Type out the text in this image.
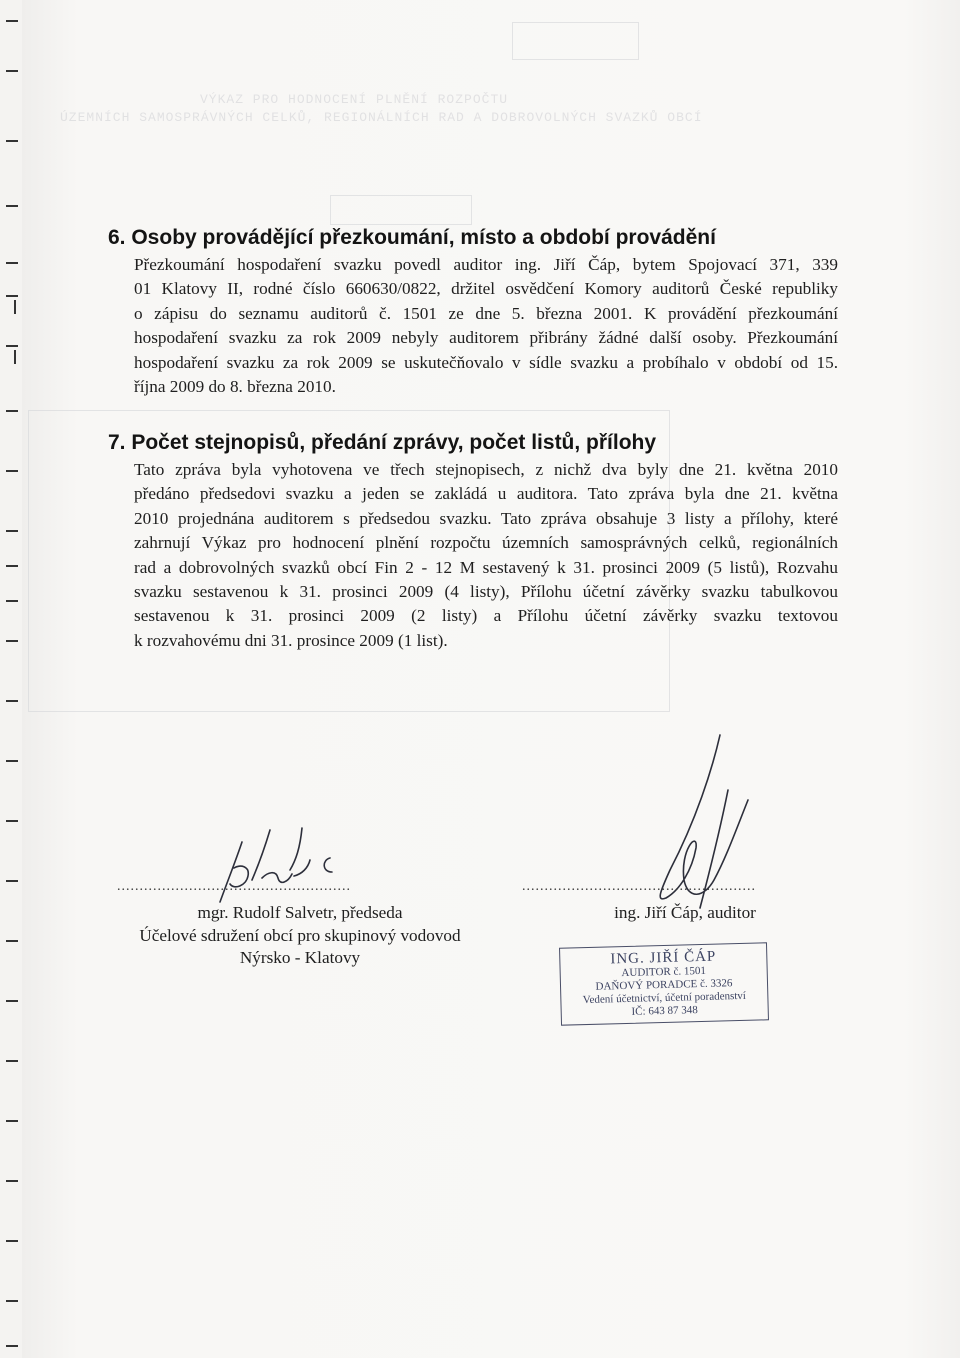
ÚZEMNÍCH SAMOSPRÁVNÝCH CELKŮ, REGIONÁLNÍCH RAD A DOBROVOLNÝCH SVAZKŮ OBCÍ
VÝKAZ PRO HODNOCENÍ PLNĚNÍ ROZPOČTU
6. Osoby provádějící přezkoumání, místo a období provádění
Přezkoumání hospodaření svazku povedl auditor ing. Jiří Čáp, bytem Spojovací 371, 339
01 Klatovy II, rodné číslo 660630/0822, držitel osvědčení Komory auditorů České republiky
o zápisu do seznamu auditorů č. 1501 ze dne 5. března 2001. K provádění přezkoumání
hospodaření svazku za rok 2009 nebyly auditorem přibrány žádné další osoby. Přezkoumání
hospodaření svazku za rok 2009 se uskutečňovalo v sídle svazku a probíhalo v období od 15.
října 2009 do 8. března 2010.
7. Počet stejnopisů, předání zprávy, počet listů, přílohy
Tato zpráva byla vyhotovena ve třech stejnopisech, z nichž dva byly dne 21. května 2010
předáno předsedovi svazku a jeden se zakládá u auditora. Tato zpráva byla dne 21. května
2010 projednána auditorem s předsedou svazku. Tato zpráva obsahuje 3 listy a přílohy, které
zahrnují Výkaz pro hodnocení plnění rozpočtu územních samosprávných celků, regionálních
rad a dobrovolných svazků obcí Fin 2 - 12 M sestavený k 31. prosinci 2009 (5 listů), Rozvahu
svazku sestavenou k 31. prosinci 2009 (4 listy), Přílohu účetní závěrky svazku tabulkovou
sestavenou k 31. prosinci 2009 (2 listy) a Přílohu účetní závěrky svazku textovou
k rozvahovému dni 31. prosince 2009 (1 list).
....................................................	....................................................
mgr. Rudolf Salvetr, předseda
Účelové sdružení obcí pro skupinový vodovod
Nýrsko - Klatovy
ing. Jiří Čáp, auditor
ING. JIŘÍ ČÁP
AUDITOR č. 1501
DAŇOVÝ PORADCE č. 3326
Vedení účetnictví, účetní poradenství
IČ: 643 87 348
